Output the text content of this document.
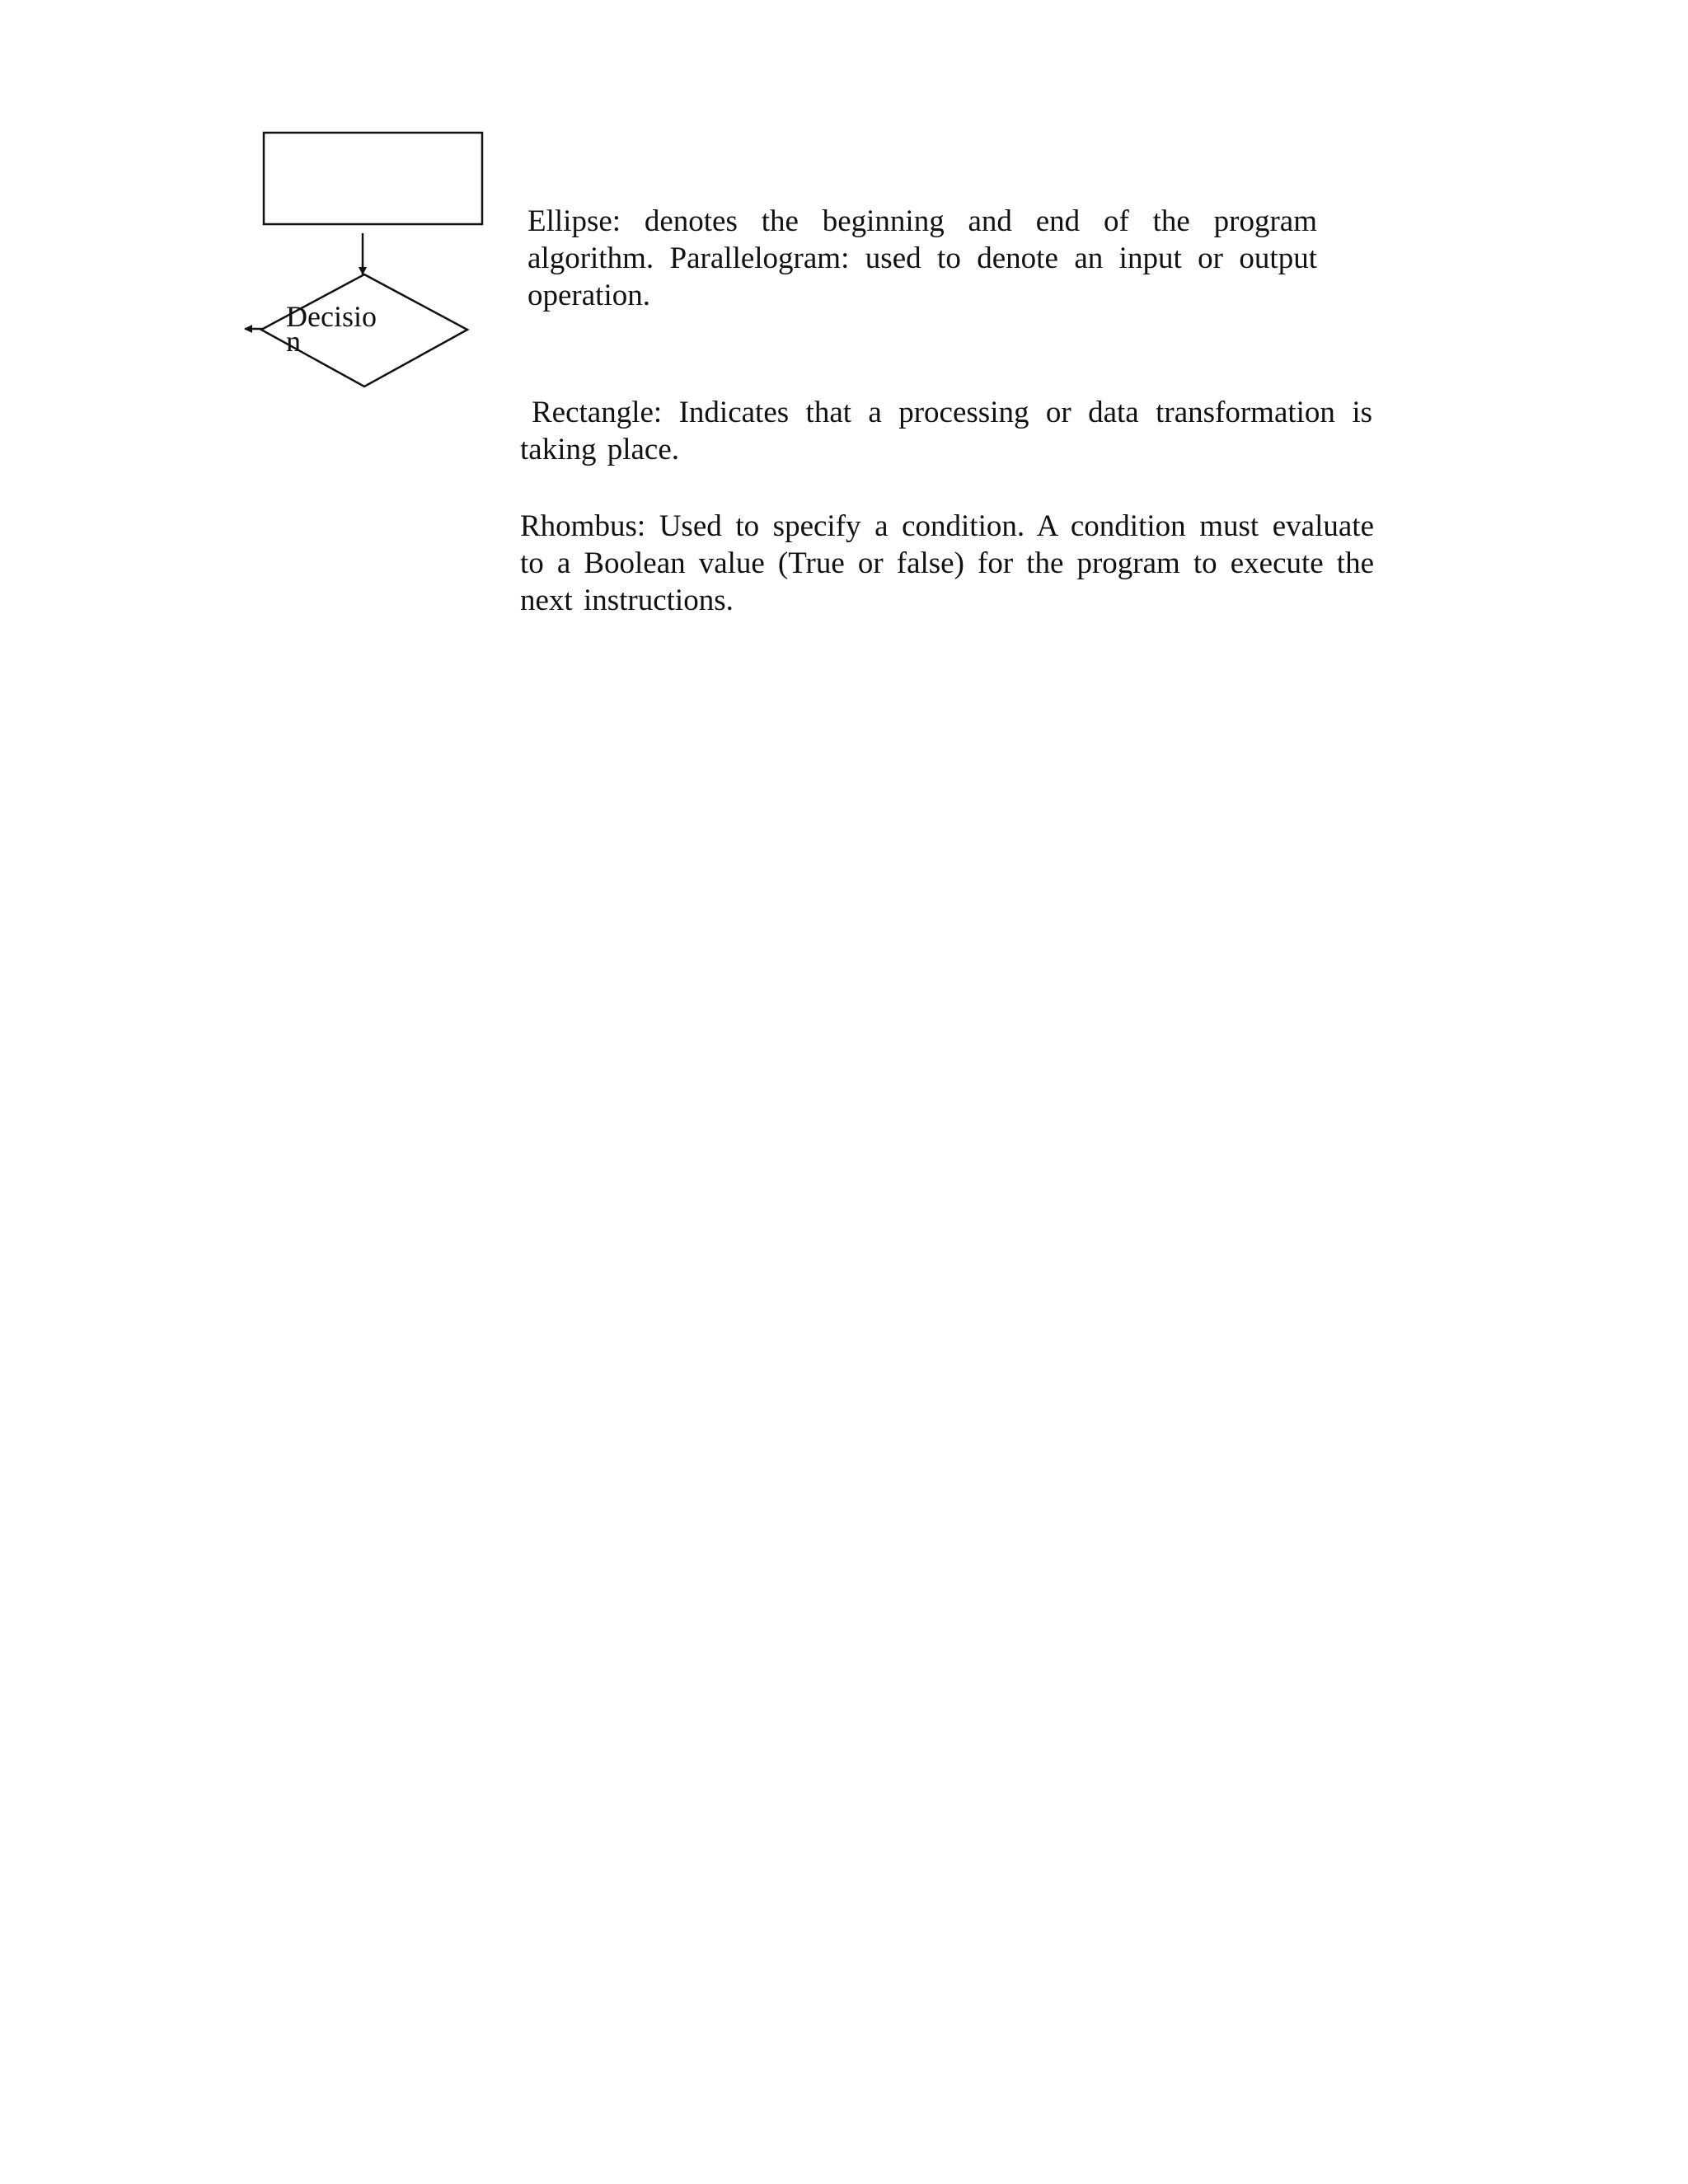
Decisio
n

Ellipse: denotes the beginning and end of the program algorithm. Parallelogram: used to denote an input or output operation.

Rectangle: Indicates that a processing or data transformation is taking place.

Rhombus: Used to specify a condition. A condition must evaluate to a Boolean value (True or false) for the program to execute the next instructions.
